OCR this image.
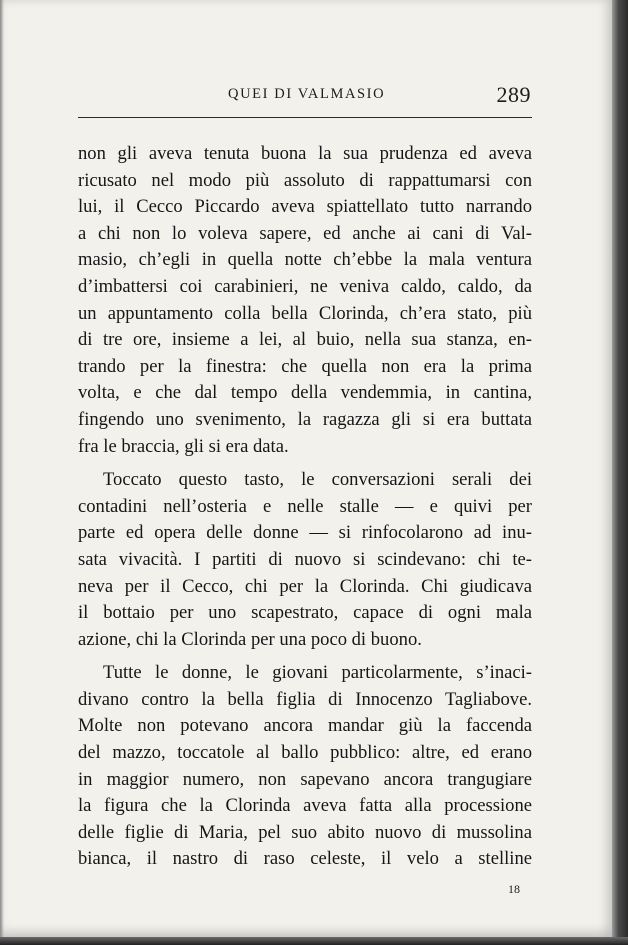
QUEI DI VALMASIO	289
non gli aveva tenuta buona la sua prudenza ed aveva
ricusato nel modo più assoluto di rappattumarsi con
lui, il Cecco Piccardo aveva spiattellato tutto narrando
a chi non lo voleva sapere, ed anche ai cani di Val-
masio, ch’egli in quella notte ch’ebbe la mala ventura
d’imbattersi coi carabinieri, ne veniva caldo, caldo, da
un appuntamento colla bella Clorinda, ch’era stato, più
di tre ore, insieme a lei, al buio, nella sua stanza, en-
trando per la finestra: che quella non era la prima
volta, e che dal tempo della vendemmia, in cantina,
fingendo uno svenimento, la ragazza gli si era buttata
fra le braccia, gli si era data.
Toccato questo tasto, le conversazioni serali dei
contadini nell’osteria e nelle stalle — e quivi per
parte ed opera delle donne — si rinfocolarono ad inu-
sata vivacità. I partiti di nuovo si scindevano: chi te-
neva per il Cecco, chi per la Clorinda. Chi giudicava
il bottaio per uno scapestrato, capace di ogni mala
azione, chi la Clorinda per una poco di buono.
Tutte le donne, le giovani particolarmente, s’inaci-
divano contro la bella figlia di Innocenzo Tagliabove.
Molte non potevano ancora mandar giù la faccenda
del mazzo, toccatole al ballo pubblico: altre, ed erano
in maggior numero, non sapevano ancora trangugiare
la figura che la Clorinda aveva fatta alla processione
delle figlie di Maria, pel suo abito nuovo di mussolina
bianca, il nastro di raso celeste, il velo a stelline
18
